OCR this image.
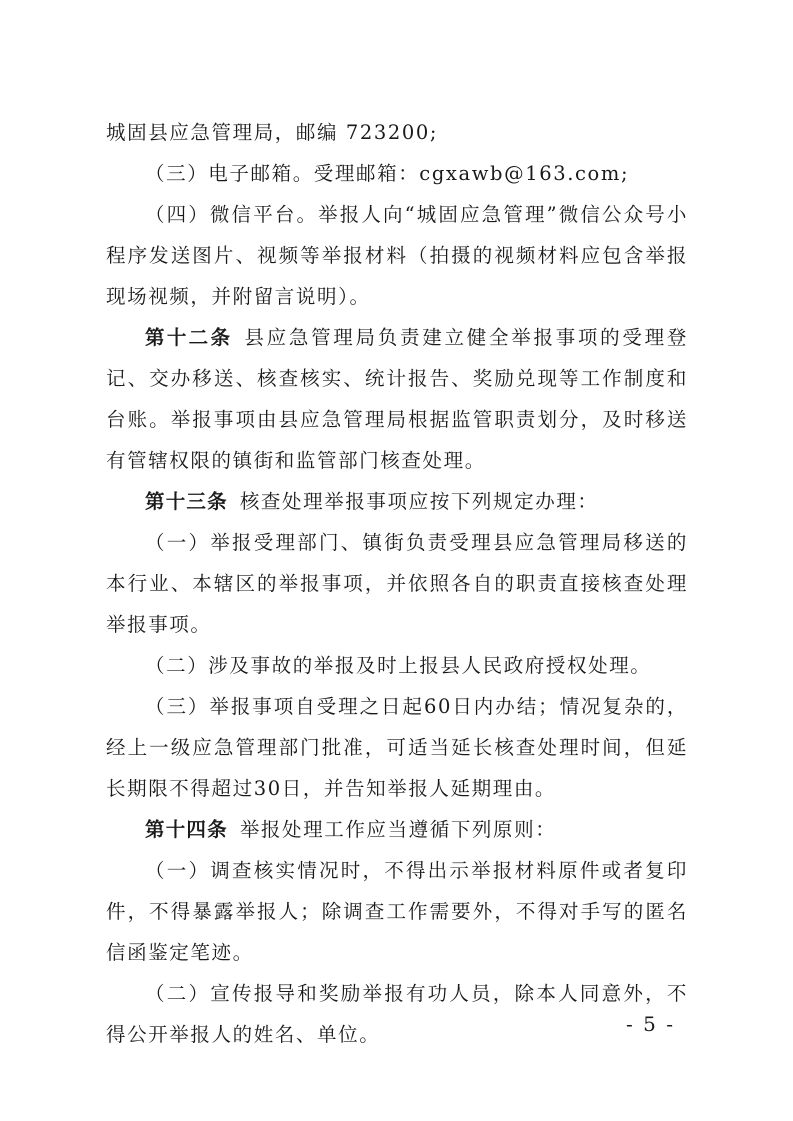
城固县应急管理局，邮编 723200;

（三）电子邮箱。受理邮箱：cgxawb@163.com;

（四）微信平台。举报人向“城固应急管理”微信公众号小程序发送图片、视频等举报材料（拍摄的视频材料应包含举报现场视频，并附留言说明）。

第十二条 县应急管理局负责建立健全举报事项的受理登记、交办移送、核查核实、统计报告、奖励兑现等工作制度和台账。举报事项由县应急管理局根据监管职责划分，及时移送有管辖权限的镇街和监管部门核查处理。

第十三条 核查处理举报事项应按下列规定办理：

（一）举报受理部门、镇街负责受理县应急管理局移送的本行业、本辖区的举报事项，并依照各自的职责直接核查处理举报事项。

（二）涉及事故的举报及时上报县人民政府授权处理。

（三）举报事项自受理之日起60日内办结；情况复杂的，经上一级应急管理部门批准，可适当延长核查处理时间，但延长期限不得超过30日，并告知举报人延期理由。

第十四条 举报处理工作应当遵循下列原则：

（一）调查核实情况时，不得出示举报材料原件或者复印件，不得暴露举报人；除调查工作需要外，不得对手写的匿名信函鉴定笔迹。

（二）宣传报导和奖励举报有功人员，除本人同意外，不得公开举报人的姓名、单位。	- 5 -
